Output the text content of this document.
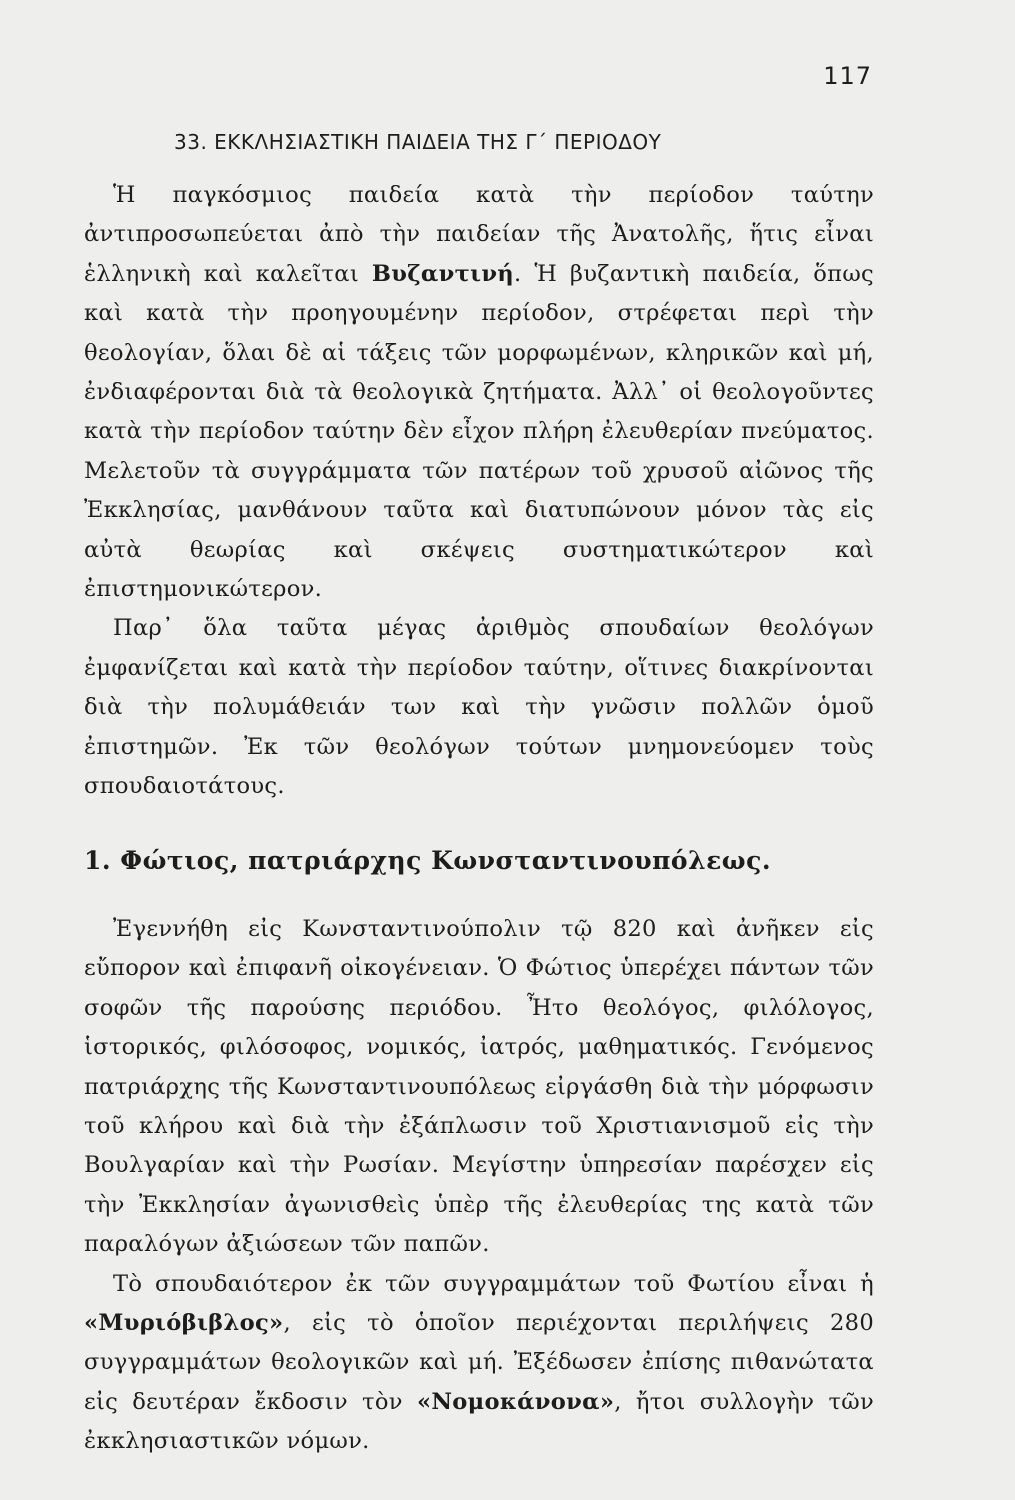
117
33. ΕΚΚΛΗΣΙΑΣΤΙΚΗ ΠΑΙΔΕΙΑ ΤΗΣ Γ΄ ΠΕΡΙΟΔΟΥ

Ἡ παγκόσμιος παιδεία κατὰ τὴν περίοδον ταύτην ἀντιπροσωπεύεται ἀπὸ τὴν παιδείαν τῆς Ἀνατολῆς, ἥτις εἶναι ἑλληνικὴ καὶ καλεῖται Βυζαντινή. Ἡ βυζαντικὴ παιδεία, ὅπως καὶ κατὰ τὴν προηγουμένην περίοδον, στρέφεται περὶ τὴν θεολογίαν, ὅλαι δὲ αἱ τάξεις τῶν μορφωμένων, κληρικῶν καὶ μή, ἐνδιαφέρονται διὰ τὰ θεολογικὰ ζητήματα. Ἀλλ᾽ οἱ θεολογοῦντες κατὰ τὴν περίοδον ταύτην δὲν εἶχον πλήρη ἐλευθερίαν πνεύματος. Μελετοῦν τὰ συγγράμματα τῶν πατέρων τοῦ χρυσοῦ αἰῶνος τῆς Ἐκκλησίας, μανθάνουν ταῦτα καὶ διατυπώνουν μόνον τὰς εἰς αὐτὰ θεωρίας καὶ σκέψεις συστηματικώτερον καὶ ἐπιστημονικώτερον.

Παρ᾽ ὅλα ταῦτα μέγας ἀριθμὸς σπουδαίων θεολόγων ἐμφανίζεται καὶ κατὰ τὴν περίοδον ταύτην, οἵτινες διακρίνονται διὰ τὴν πολυμάθειάν των καὶ τὴν γνῶσιν πολλῶν ὁμοῦ ἐπιστημῶν. Ἐκ τῶν θεολόγων τούτων μνημονεύομεν τοὺς σπουδαιοτάτους.

1. Φώτιος, πατριάρχης Κωνσταντινουπόλεως.

Ἐγεννήθη εἰς Κωνσταντινούπολιν τῷ 820 καὶ ἀνῆκεν εἰς εὔπορον καὶ ἐπιφανῆ οἰκογένειαν. Ὁ Φώτιος ὑπερέχει πάντων τῶν σοφῶν τῆς παρούσης περιόδου. Ἦτο θεολόγος, φιλόλογος, ἱστορικός, φιλόσοφος, νομικός, ἰατρός, μαθηματικός. Γενόμενος πατριάρχης τῆς Κωνσταντινουπόλεως εἰργάσθη διὰ τὴν μόρφωσιν τοῦ κλήρου καὶ διὰ τὴν ἐξάπλωσιν τοῦ Χριστιανισμοῦ εἰς τὴν Βουλγαρίαν καὶ τὴν Ρωσίαν. Μεγίστην ὑπηρεσίαν παρέσχεν εἰς τὴν Ἐκκλησίαν ἀγωνισθεὶς ὑπὲρ τῆς ἐλευθερίας της κατὰ τῶν παραλόγων ἀξιώσεων τῶν παπῶν.

Τὸ σπουδαιότερον ἐκ τῶν συγγραμμάτων τοῦ Φωτίου εἶναι ἡ «Μυριόβιβλος», εἰς τὸ ὁποῖον περιέχονται περιλήψεις 280 συγγραμμάτων θεολογικῶν καὶ μή. Ἐξέδωσεν ἐπίσης πιθανώτατα εἰς δευτέραν ἔκδοσιν τὸν «Νομοκάνονα», ἤτοι συλλογὴν τῶν ἐκκλησιαστικῶν νόμων.
